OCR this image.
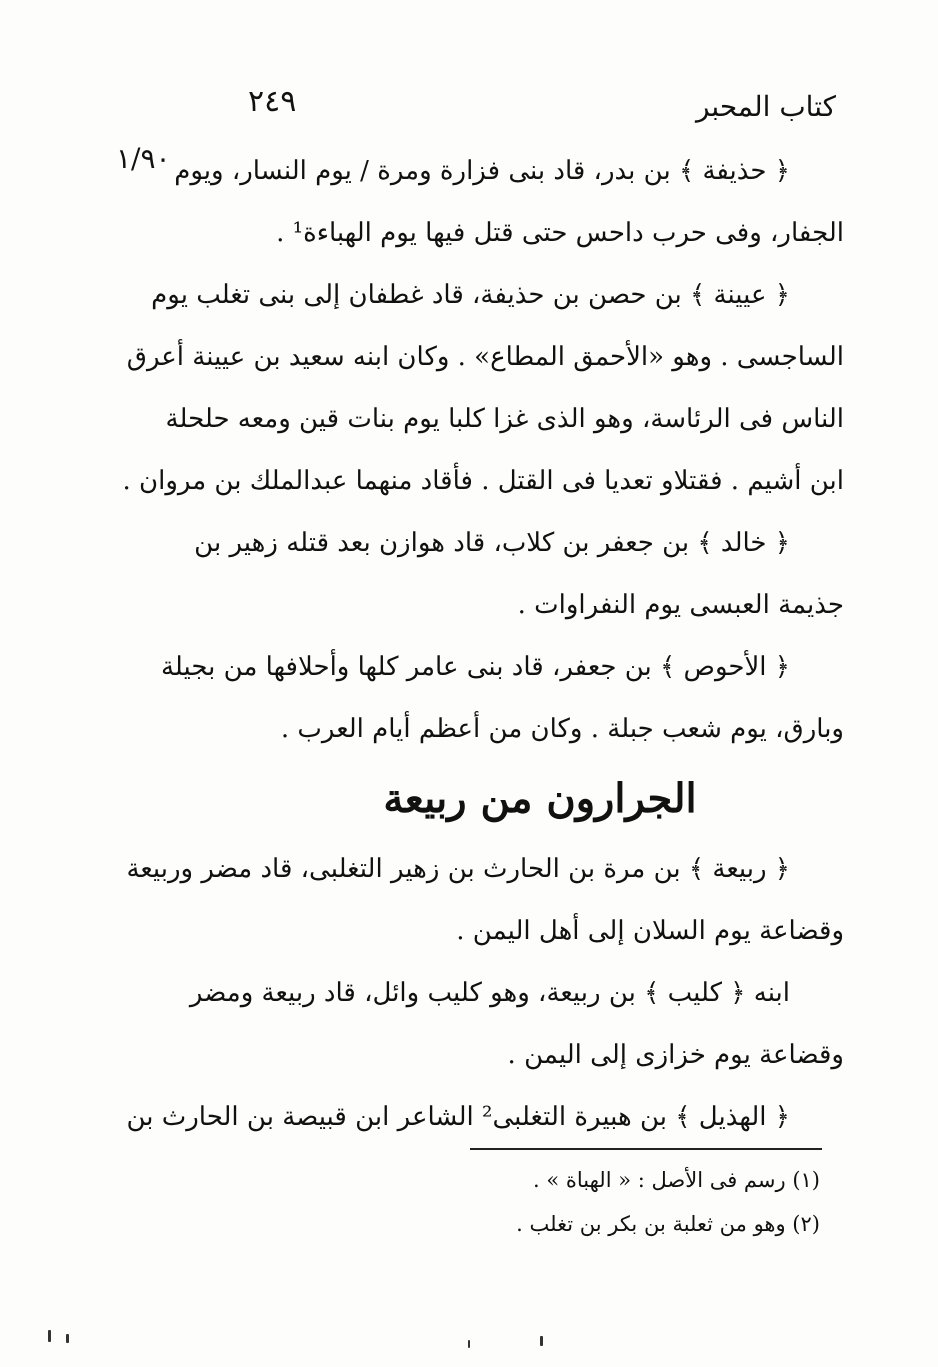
٢٤٩	كتاب المحبر
١/٩٠ ﴿ حذيفة ﴾ بن بدر، قاد بنى فزارة ومرة / يوم النسار، ويوم
الجفار، وفى حرب داحس حتى قتل فيها يوم الهباءة¹ .
﴿ عيينة ﴾ بن حصن بن حذيفة، قاد غطفان إلى بنى تغلب يوم
الساجسى . وهو «الأحمق المطاع» . وكان ابنه سعيد بن عيينة أعرق
الناس فى الرئاسة، وهو الذى غزا كلبا يوم بنات قين ومعه حلحلة
ابن أشيم . فقتلاو تعديا فى القتل . فأقاد منهما عبدالملك بن مروان .
﴿ خالد ﴾ بن جعفر بن كلاب، قاد هوازن بعد قتله زهير بن
جذيمة العبسى يوم النفراوات .
﴿ الأحوص ﴾ بن جعفر، قاد بنى عامر كلها وأحلافها من بجيلة
وبارق، يوم شعب جبلة . وكان من أعظم أيام العرب .
الجرارون من ربيعة
﴿ ربيعة ﴾ بن مرة بن الحارث بن زهير التغلبى، قاد مضر وربيعة
وقضاعة يوم السلان إلى أهل اليمن .
ابنه ﴿ كليب ﴾ بن ربيعة، وهو كليب وائل، قاد ربيعة ومضر
وقضاعة يوم خزازى إلى اليمن .
﴿ الهذيل ﴾ بن هبيرة التغلبى² الشاعر ابن قبيصة بن الحارث بن
(١) رسم فى الأصل : « الهباة » .
(٢) وهو من ثعلبة بن بكر بن تغلب .
